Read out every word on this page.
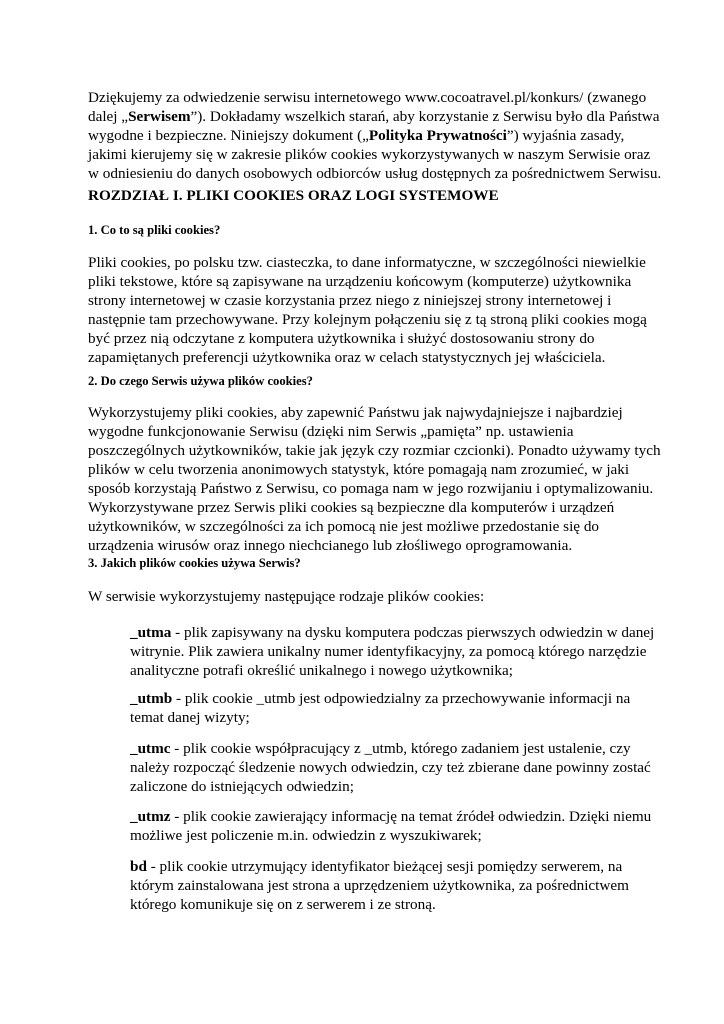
Dziękujemy za odwiedzenie serwisu internetowego www.cocoatravel.pl/konkurs/ (zwanego
dalej „Serwisem”). Dokładamy wszelkich starań, aby korzystanie z Serwisu było dla Państwa
wygodne i bezpieczne. Niniejszy dokument („Polityka Prywatności”) wyjaśnia zasady,
jakimi kierujemy się w zakresie plików cookies wykorzystywanych w naszym Serwisie oraz
w odniesieniu do danych osobowych odbiorców usług dostępnych za pośrednictwem Serwisu.
ROZDZIAŁ I. PLIKI COOKIES ORAZ LOGI SYSTEMOWE
1. Co to są pliki cookies?
Pliki cookies, po polsku tzw. ciasteczka, to dane informatyczne, w szczególności niewielkie
pliki tekstowe, które są zapisywane na urządzeniu końcowym (komputerze) użytkownika
strony internetowej w czasie korzystania przez niego z niniejszej strony internetowej i
następnie tam przechowywane. Przy kolejnym połączeniu się z tą stroną pliki cookies mogą
być przez nią odczytane z komputera użytkownika i służyć dostosowaniu strony do
zapamiętanych preferencji użytkownika oraz w celach statystycznych jej właściciela.
2. Do czego Serwis używa plików cookies?
Wykorzystujemy pliki cookies, aby zapewnić Państwu jak najwydajniejsze i najbardziej
wygodne funkcjonowanie Serwisu (dzięki nim Serwis „pamięta” np. ustawienia
poszczególnych użytkowników, takie jak język czy rozmiar czcionki). Ponadto używamy tych
plików w celu tworzenia anonimowych statystyk, które pomagają nam zrozumieć, w jaki
sposób korzystają Państwo z Serwisu, co pomaga nam w jego rozwijaniu i optymalizowaniu.
Wykorzystywane przez Serwis pliki cookies są bezpieczne dla komputerów i urządzeń
użytkowników, w szczególności za ich pomocą nie jest możliwe przedostanie się do
urządzenia wirusów oraz innego niechcianego lub złośliwego oprogramowania.
3. Jakich plików cookies używa Serwis?
W serwisie wykorzystujemy następujące rodzaje plików cookies:
_utma - plik zapisywany na dysku komputera podczas pierwszych odwiedzin w danej
witrynie. Plik zawiera unikalny numer identyfikacyjny, za pomocą którego narzędzie
analityczne potrafi określić unikalnego i nowego użytkownika;
_utmb - plik cookie _utmb jest odpowiedzialny za przechowywanie informacji na
temat danej wizyty;
_utmc - plik cookie współpracujący z _utmb, którego zadaniem jest ustalenie, czy
należy rozpocząć śledzenie nowych odwiedzin, czy też zbierane dane powinny zostać
zaliczone do istniejących odwiedzin;
_utmz - plik cookie zawierający informację na temat źródeł odwiedzin. Dzięki niemu
możliwe jest policzenie m.in. odwiedzin z wyszukiwarek;
bd - plik cookie utrzymujący identyfikator bieżącej sesji pomiędzy serwerem, na
którym zainstalowana jest strona a uprzędzeniem użytkownika, za pośrednictwem
którego komunikuje się on z serwerem i ze stroną.
